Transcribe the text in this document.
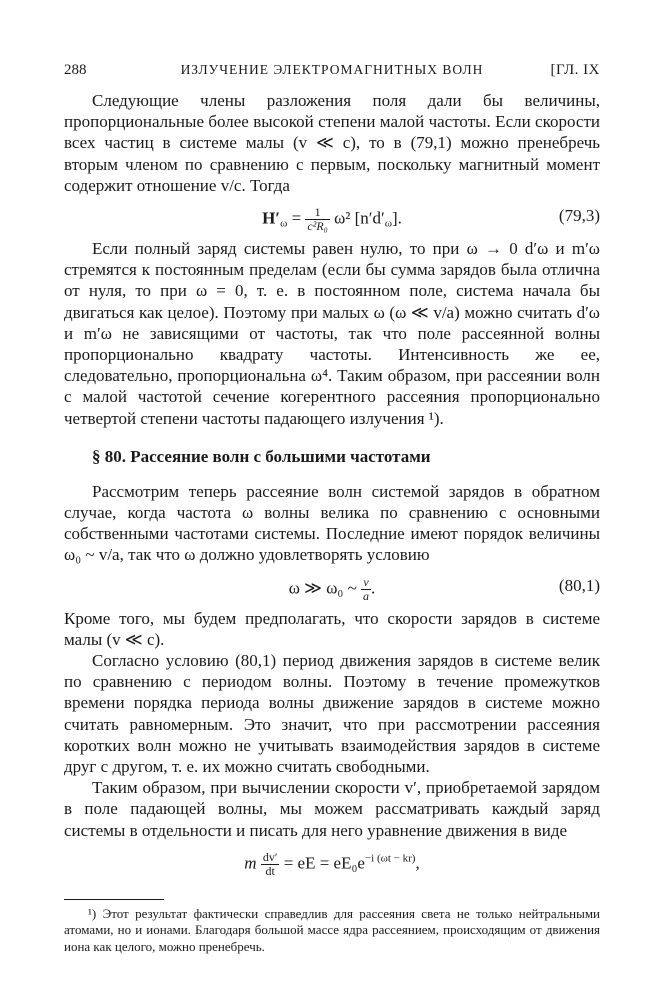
288	ИЗЛУЧЕНИЕ ЭЛЕКТРОМАГНИТНЫХ ВОЛН	[ГЛ. IX

Следующие члены разложения поля дали бы величины, пропорциональные более высокой степени малой частоты. Если скорости всех частиц в системе малы (v ≪ c), то в (79,1) можно пренебречь вторым членом по сравнению с первым, поскольку магнитный момент содержит отношение v/c. Тогда

$H'_\omega = \frac{1}{\text{c²R₀}} \omega^2$ $[n'd'_\omega]$.	(79,3)

Если полный заряд системы равен нулю, то при ω → 0 d′ω и m′ω стремятся к постоянным пределам (если бы сумма зарядов была отлична от нуля, то при ω = 0, т. е. в постоянном поле, система начала бы двигаться как целое). Поэтому при малых ω (ω ≪ v/a) можно считать d′ω и m′ω не зависящими от частоты, так что поле рассеянной волны пропорционально квадрату частоты. Интенсивность же ее, следовательно, пропорциональна ω⁴. Таким образом, при рассеянии волн с малой частотой сечение когерентного рассеяния пропорционально четвертой степени частоты падающего излучения ¹).

§ 80. Рассеяние волн с большими частотами

Рассмотрим теперь рассеяние волн системой зарядов в обратном случае, когда частота ω волны велика по сравнению с основными собственными частотами системы. Последние имеют порядок величины ω₀ ~ v/a, так что ω должно удовлетворять условию

ω ≫ ω₀ ~ $\frac{v}{a}$ .	(80,1)

Кроме того, мы будем предполагать, что скорости зарядов в системе малы (v ≪ c).

Согласно условию (80,1) период движения зарядов в системе велик по сравнению с периодом волны. Поэтому в течение промежутков времени порядка периода волны движение зарядов в системе можно считать равномерным. Это значит, что при рассмотрении рассеяния коротких волн можно не учитывать взаимодействия зарядов в системе друг с другом, т. е. их можно считать свободными.

Таким образом, при вычислении скорости v′, приобретаемой зарядом в поле падающей волны, мы можем рассматривать каждый заряд системы в отдельности и писать для него уравнение движения в виде

m $\frac{dv'}{dt}$ = eE = $eE_0e^{-i (\omega t - kr)}$,

¹) Этот результат фактически справедлив для рассеяния света не только нейтральными атомами, но и ионами. Благодаря большой массе ядра рассеянием, происходящим от движения иона как целого, можно пренебречь.
